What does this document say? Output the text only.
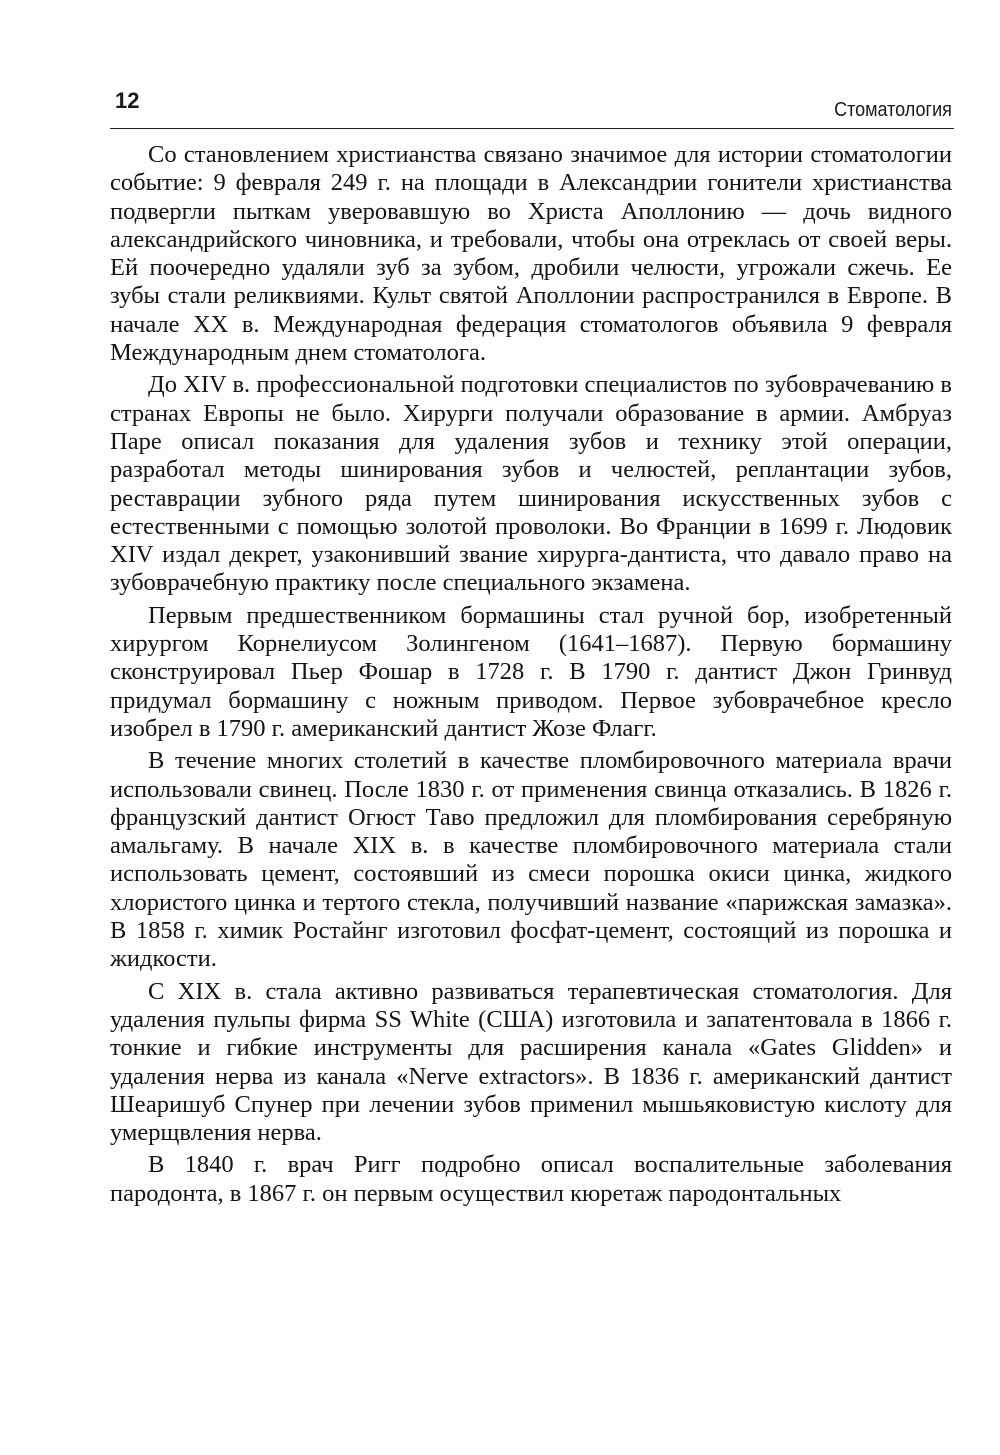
12	Стоматология

Со становлением христианства связано значимое для истории стоматологии событие: 9 февраля 249 г. на площади в Александрии гонители христианства подвергли пыткам уверовавшую во Христа Аполлонию — дочь видного александрийского чиновника, и требовали, чтобы она отреклась от своей веры. Ей поочередно удаляли зуб за зубом, дробили челюсти, угрожали сжечь. Ее зубы стали реликвиями. Культ святой Аполлонии распространился в Европе. В начале XX в. Международная федерация стоматологов объявила 9 февраля Международным днем стоматолога.

До XIV в. профессиональной подготовки специалистов по зубоврачеванию в странах Европы не было. Хирурги получали образование в армии. Амбруаз Паре описал показания для удаления зубов и технику этой операции, разработал методы шинирования зубов и челюстей, реплантации зубов, реставрации зубного ряда путем шинирования искусственных зубов с естественными с помощью золотой проволоки. Во Франции в 1699 г. Людовик XIV издал декрет, узаконивший звание хирурга-дантиста, что давало право на зубоврачебную практику после специального экзамена.

Первым предшественником бормашины стал ручной бор, изобретенный хирургом Корнелиусом Золингеном (1641–1687). Первую бормашину сконструировал Пьер Фошар в 1728 г. В 1790 г. дантист Джон Гринвуд придумал бормашину с ножным приводом. Первое зубоврачебное кресло изобрел в 1790 г. американский дантист Жозе Флагг.

В течение многих столетий в качестве пломбировочного материала врачи использовали свинец. После 1830 г. от применения свинца отказались. В 1826 г. французский дантист Огюст Таво предложил для пломбирования серебряную амальгаму. В начале XIX в. в качестве пломбировочного материала стали использовать цемент, состоявший из смеси порошка окиси цинка, жидкого хлористого цинка и тертого стекла, получивший название «парижская замазка». В 1858 г. химик Ростайнг изготовил фосфат-цемент, состоящий из порошка и жидкости.

С XIX в. стала активно развиваться терапевтическая стоматология. Для удаления пульпы фирма SS White (США) изготовила и запатентовала в 1866 г. тонкие и гибкие инструменты для расширения канала «Gates Glidden» и удаления нерва из канала «Nerve extractors». В 1836 г. американский дантист Шеаришуб Спунер при лечении зубов применил мышьяковистую кислоту для умерщвления нерва.

В 1840 г. врач Ригг подробно описал воспалительные заболевания пародонта, в 1867 г. он первым осуществил кюретаж пародонтальных
